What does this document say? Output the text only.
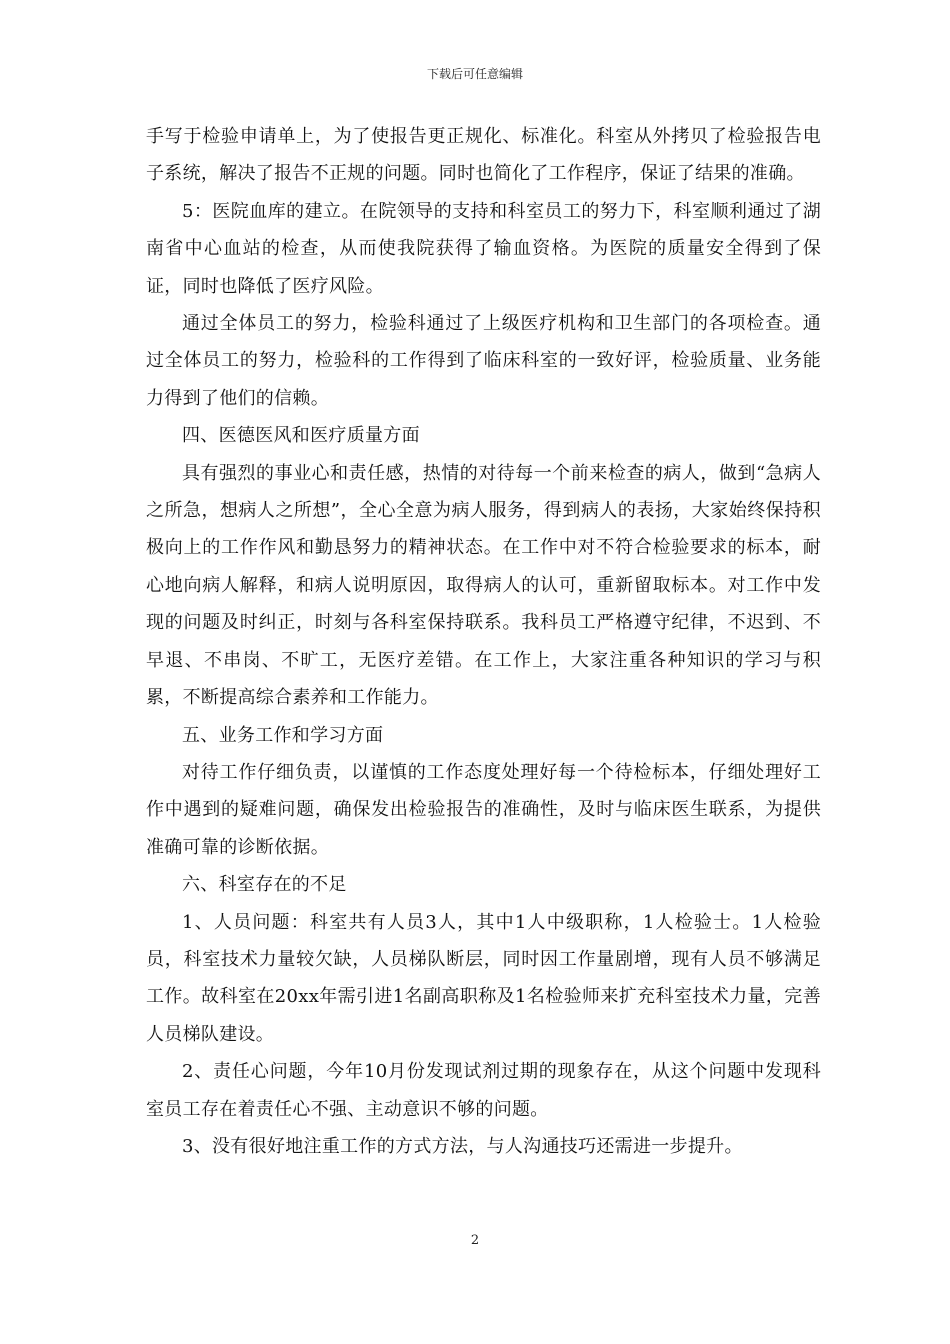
下载后可任意编辑

手写于检验申请单上，为了使报告更正规化、标准化。科室从外拷贝了检验报告电子系统，解决了报告不正规的问题。同时也简化了工作程序，保证了结果的准确。

5：医院血库的建立。在院领导的支持和科室员工的努力下，科室顺利通过了湖南省中心血站的检查，从而使我院获得了输血资格。为医院的质量安全得到了保证，同时也降低了医疗风险。

通过全体员工的努力，检验科通过了上级医疗机构和卫生部门的各项检查。通过全体员工的努力，检验科的工作得到了临床科室的一致好评，检验质量、业务能力得到了他们的信赖。

四、医德医风和医疗质量方面

具有强烈的事业心和责任感，热情的对待每一个前来检查的病人，做到“急病人之所急，想病人之所想”，全心全意为病人服务，得到病人的表扬，大家始终保持积极向上的工作作风和勤恳努力的精神状态。在工作中对不符合检验要求的标本，耐心地向病人解释，和病人说明原因，取得病人的认可，重新留取标本。对工作中发现的问题及时纠正，时刻与各科室保持联系。我科员工严格遵守纪律，不迟到、不早退、不串岗、不旷工，无医疗差错。在工作上，大家注重各种知识的学习与积累，不断提高综合素养和工作能力。

五、业务工作和学习方面

对待工作仔细负责，以谨慎的工作态度处理好每一个待检标本，仔细处理好工作中遇到的疑难问题，确保发出检验报告的准确性，及时与临床医生联系，为提供准确可靠的诊断依据。

六、科室存在的不足

1、人员问题：科室共有人员3人，其中1人中级职称，1人检验士。1人检验员，科室技术力量较欠缺，人员梯队断层，同时因工作量剧增，现有人员不够满足工作。故科室在20xx年需引进1名副高职称及1名检验师来扩充科室技术力量，完善人员梯队建设。

2、责任心问题，今年10月份发现试剂过期的现象存在，从这个问题中发现科室员工存在着责任心不强、主动意识不够的问题。

3、没有很好地注重工作的方式方法，与人沟通技巧还需进一步提升。

2
